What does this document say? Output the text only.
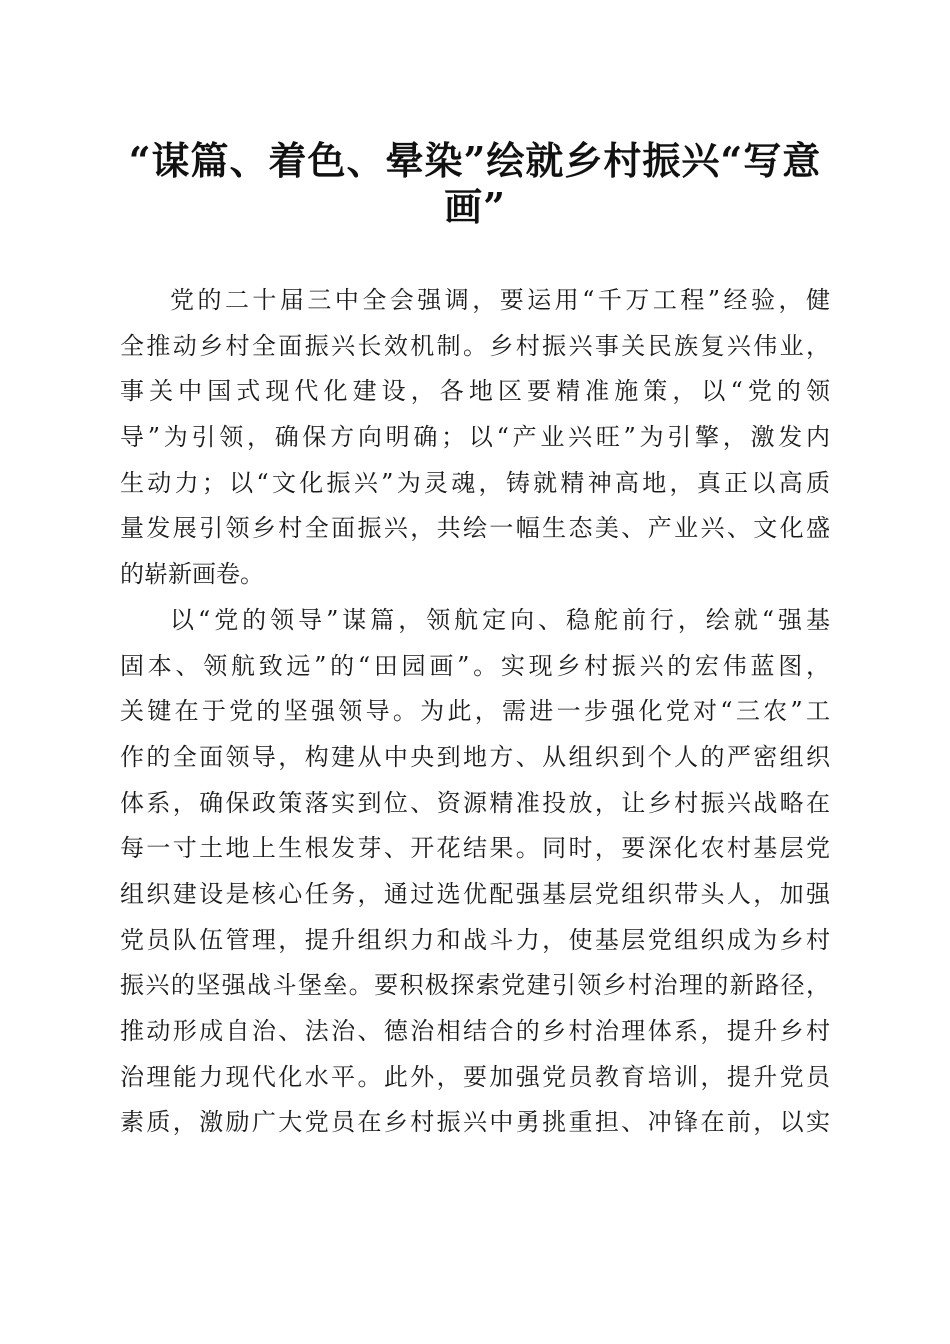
“谋篇、着色、晕染”绘就乡村振兴“写意
画”
党的二十届三中全会强调，要运用“千万工程”经验，健
全推动乡村全面振兴长效机制。乡村振兴事关民族复兴伟业，
事关中国式现代化建设，各地区要精准施策，以“党的领
导”为引领，确保方向明确；以“产业兴旺”为引擎，激发内
生动力；以“文化振兴”为灵魂，铸就精神高地，真正以高质
量发展引领乡村全面振兴，共绘一幅生态美、产业兴、文化盛
的崭新画卷。
以“党的领导”谋篇，领航定向、稳舵前行，绘就“强基
固本、领航致远”的“田园画”。实现乡村振兴的宏伟蓝图，
关键在于党的坚强领导。为此，需进一步强化党对“三农”工
作的全面领导，构建从中央到地方、从组织到个人的严密组织
体系，确保政策落实到位、资源精准投放，让乡村振兴战略在
每一寸土地上生根发芽、开花结果。同时，要深化农村基层党
组织建设是核心任务，通过选优配强基层党组织带头人，加强
党员队伍管理，提升组织力和战斗力，使基层党组织成为乡村
振兴的坚强战斗堡垒。要积极探索党建引领乡村治理的新路径，
推动形成自治、法治、德治相结合的乡村治理体系，提升乡村
治理能力现代化水平。此外，要加强党员教育培训，提升党员
素质，激励广大党员在乡村振兴中勇挑重担、冲锋在前，以实
